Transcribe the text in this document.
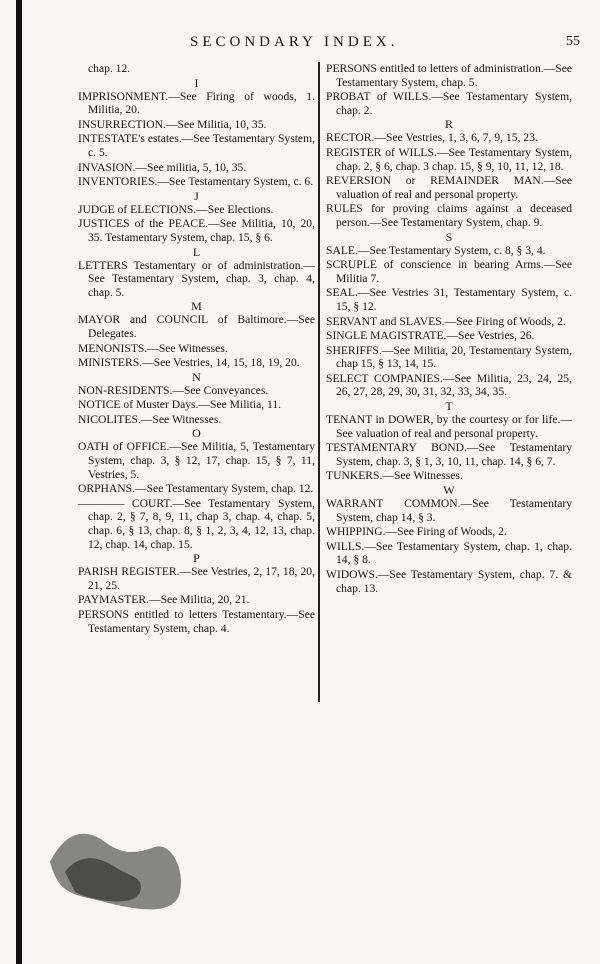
SECONDARY INDEX.	55

chap. 12.

I

IMPRISONMENT.—See Firing of woods, 1. Militia, 20.

INSURRECTION.—See Militia, 10, 35.

INTESTATE's estates.—See Testamentary System, c. 5.

INVASION.—See militia, 5, 10, 35.

INVENTORIES.—See Testamentary System, c. 6.

J

JUDGE of ELECTIONS.—See Elections.

JUSTICES of the PEACE.—See Militia, 10, 20, 35. Testamentary System, chap. 15, § 6.

L

LETTERS Testamentary or of administration.—See Testamentary System, chap. 3, chap. 4, chap. 5.

M

MAYOR and COUNCIL of Baltimore.—See Delegates.

MENONISTS.—See Witnesses.

MINISTERS.—See Vestries, 14, 15, 18, 19, 20.

N

NON-RESIDENTS.—See Conveyances.

NOTICE of Muster Days.—See Militia, 11.

NICOLITES.—See Witnesses.

O

OATH of OFFICE.—See Militia, 5, Testamentary System, chap. 3, § 12, 17, chap. 15, § 7, 11, Vestries, 5.

ORPHANS.—See Testamentary System, chap. 12.

———— COURT.—See Testamentary System, chap. 2, § 7, 8, 9, 11, chap 3, chap. 4, chap. 5, chap. 6, § 13, chap. 8, § 1, 2, 3, 4, 12, 13, chap. 12, chap. 14, chap. 15.

P

PARISH REGISTER.—See Vestries, 2, 17, 18, 20, 21, 25.

PAYMASTER.—See Militia, 20, 21.

PERSONS entitled to letters Testamentary.—See Testamentary System, chap. 4.

PERSONS entitled to letters of administration.—See Testamentary System, chap. 5.

PROBAT of WILLS.—See Testamentary System, chap. 2.

R

RECTOR.—See Vestries, 1, 3, 6, 7, 9, 15, 23.

REGISTER of WILLS.—See Testamentary System, chap. 2, § 6, chap. 3 chap. 15, § 9, 10, 11, 12, 18.

REVERSION or REMAINDER MAN.—See valuation of real and personal property.

RULES for proving claims against a deceased person.—See Testamentary System, chap. 9.

S

SALE.—See Testamentary System, c. 8, § 3, 4.

SCRUPLE of conscience in bearing Arms.—See Militia 7.

SEAL.—See Vestries 31, Testamentary System, c. 15, § 12.

SERVANT and SLAVES.—See Firing of Woods, 2.

SINGLE MAGISTRATE.—See Vestries, 26.

SHERIFFS.—See Militia, 20, Testamentary System, chap 15, § 13, 14, 15.

SELECT COMPANIES.—See Militia, 23, 24, 25, 26, 27, 28, 29, 30, 31, 32, 33, 34, 35.

T

TENANT in DOWER, by the courtesy or for life.—See valuation of real and personal property.

TESTAMENTARY BOND.—See Testamentary System, chap. 3, § 1, 3, 10, 11, chap. 14, § 6, 7.

TUNKERS.—See Witnesses.

W

WARRANT COMMON.—See Testamentary System, chap 14, § 3.

WHIPPING.—See Firing of Woods, 2.

WILLS.—See Testamentary System, chap. 1, chap. 14, § 8.

WIDOWS.—See Testamentary System, chap. 7. & chap. 13.
